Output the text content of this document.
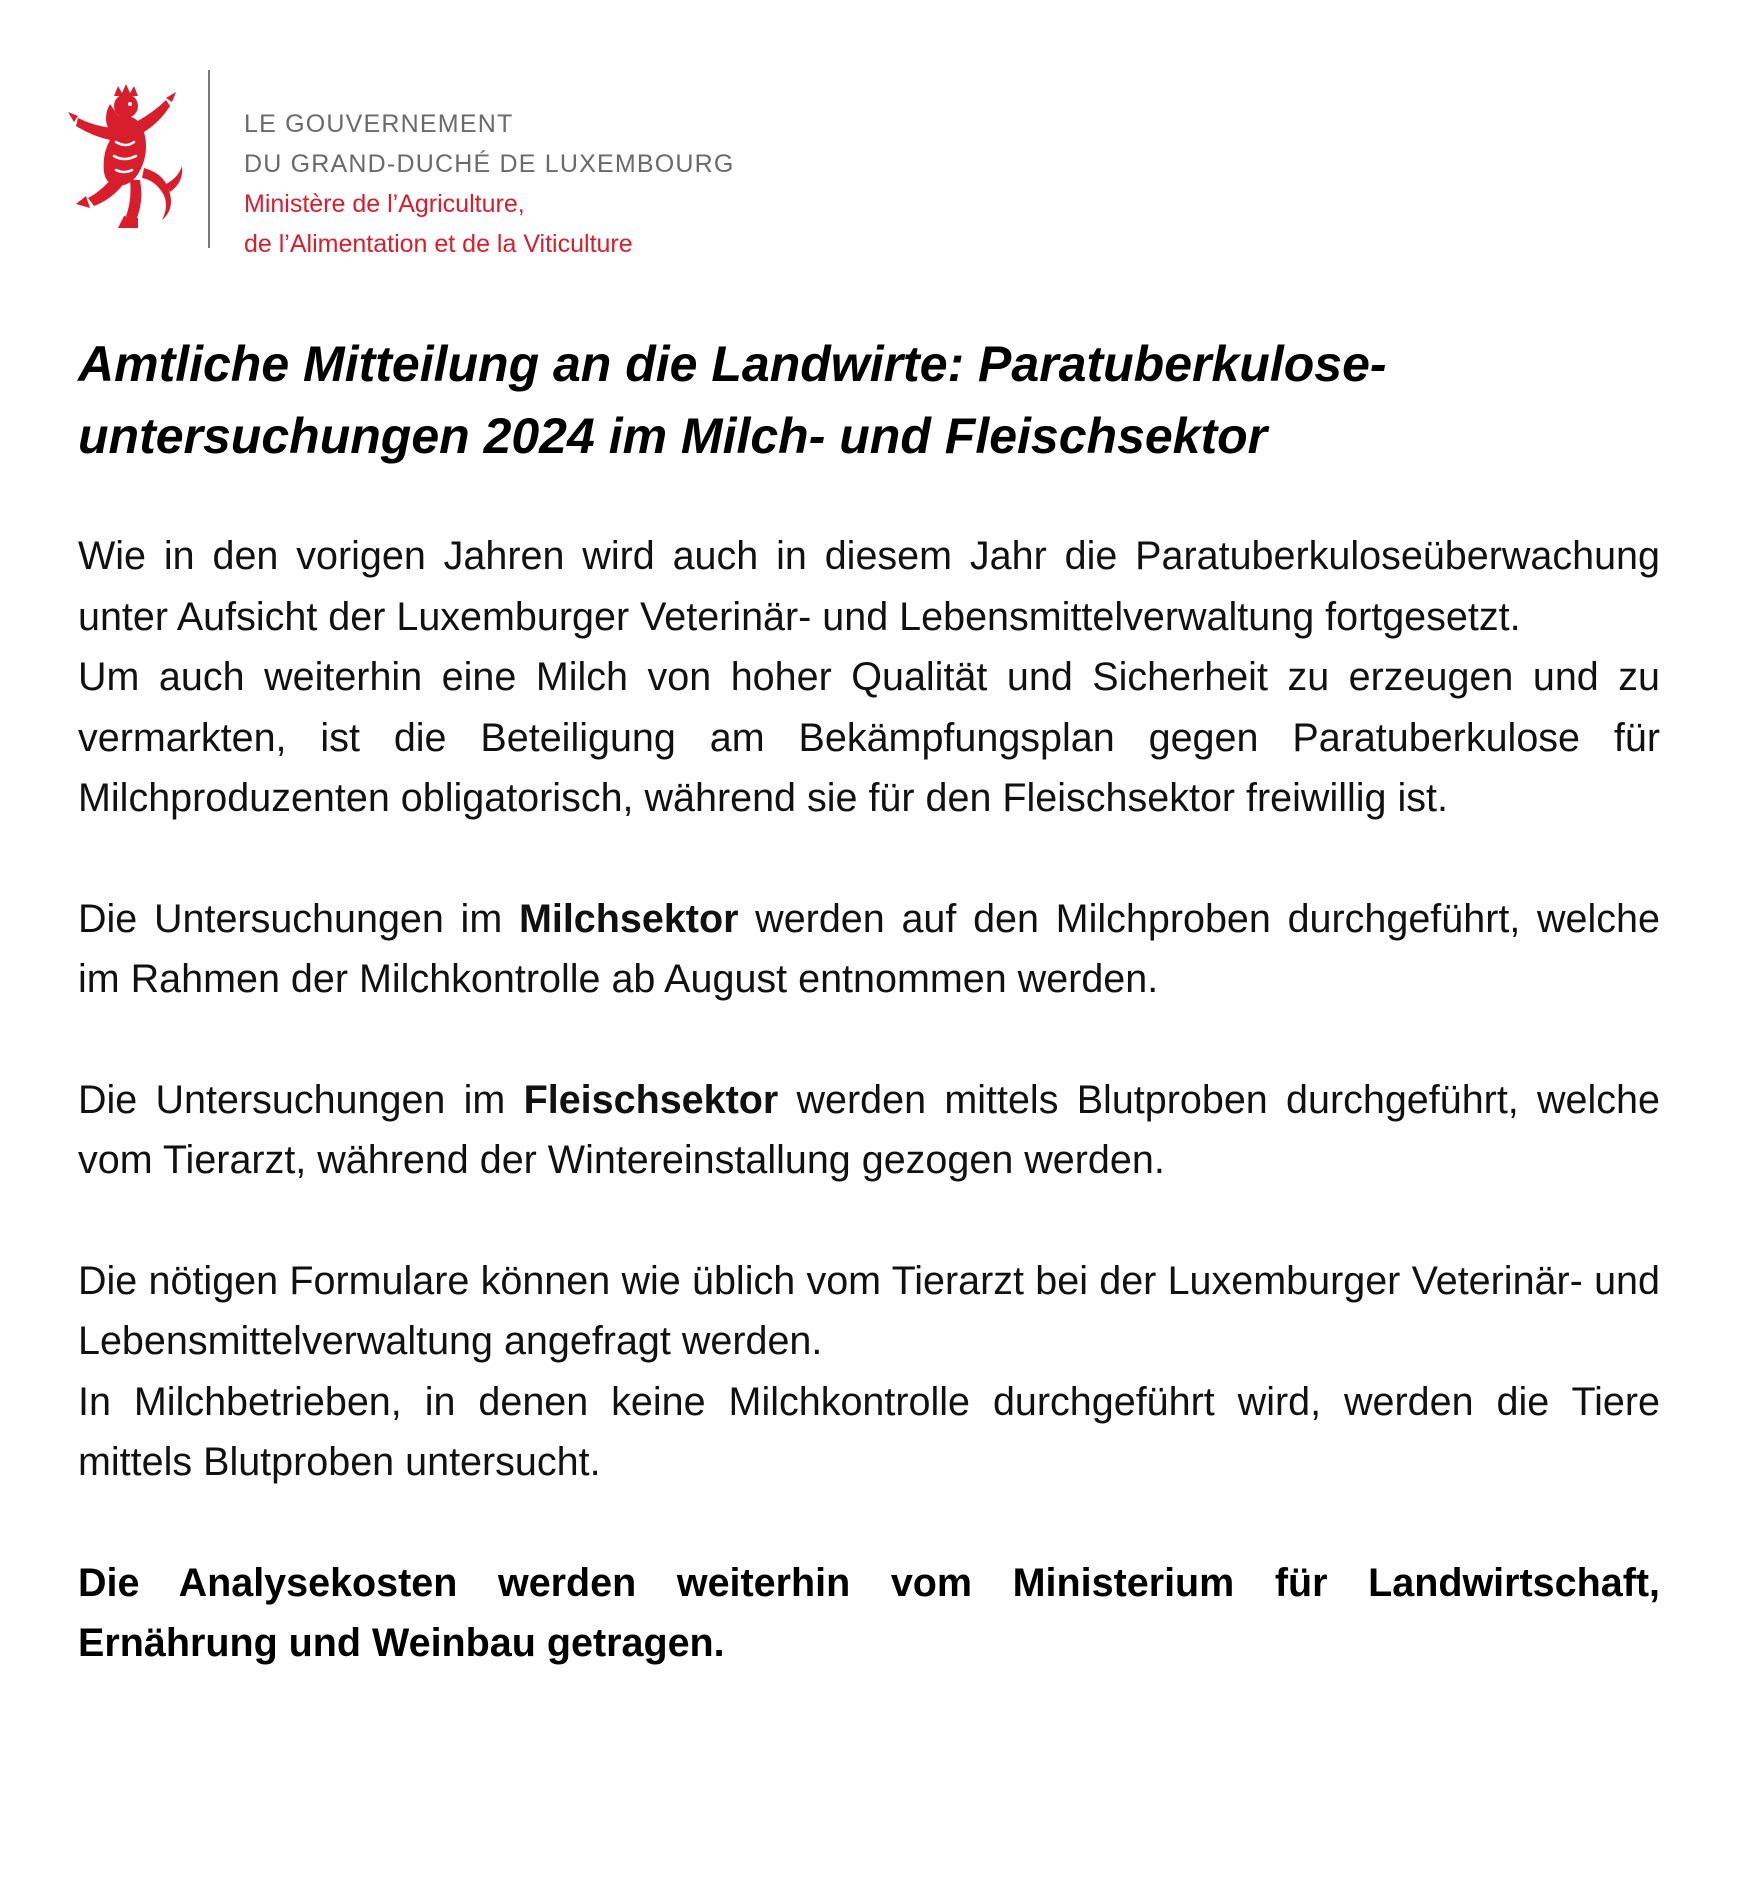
LE GOUVERNEMENT
DU GRAND-DUCHÉ DE LUXEMBOURG
Ministère de l’Agriculture,
de l’Alimentation et de la Viticulture
Amtliche Mitteilung an die Landwirte: Paratuberkuloseuntersuchungen 2024 im Milch- und Fleischsektor

Wie in den vorigen Jahren wird auch in diesem Jahr die Paratuberkuloseüberwachung unter Aufsicht der Luxemburger Veterinär- und Lebensmittelverwaltung fortgesetzt.

Um auch weiterhin eine Milch von hoher Qualität und Sicherheit zu erzeugen und zu vermarkten, ist die Beteiligung am Bekämpfungsplan gegen Paratuberkulose für Milchproduzenten obligatorisch, während sie für den Fleischsektor freiwillig ist.

Die Untersuchungen im Milchsektor werden auf den Milchproben durchgeführt, welche im Rahmen der Milchkontrolle ab August entnommen werden.

Die Untersuchungen im Fleischsektor werden mittels Blutproben durchgeführt, welche vom Tierarzt, während der Wintereinstallung gezogen werden.

Die nötigen Formulare können wie üblich vom Tierarzt bei der Luxemburger Veterinär- und Lebensmittelverwaltung angefragt werden.

In Milchbetrieben, in denen keine Milchkontrolle durchgeführt wird, werden die Tiere mittels Blutproben untersucht.

Die Analysekosten werden weiterhin vom Ministerium für Landwirtschaft, Ernährung und Weinbau getragen.
